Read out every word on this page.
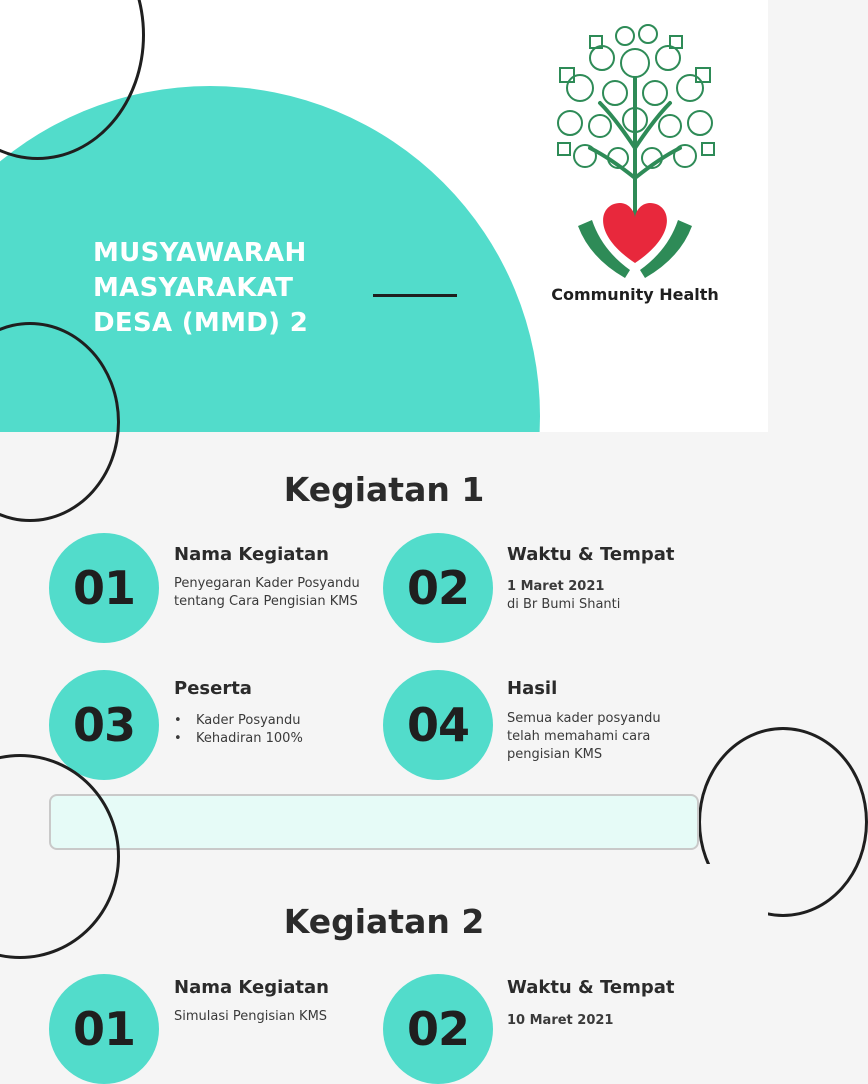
MUSYAWARAH
MASYARAKAT
DESA (MMD) 2
Community Health
Kegiatan 1
01
Nama Kegiatan
Penyegaran Kader Posyandu tentang Cara Pengisian KMS	02
Waktu & Tempat
1 Maret 2021
di Br Bumi Shanti
03
Peserta
• Kader Posyandu
• Kehadiran 100%	04
Hasil
Semua kader posyandu telah memahami cara pengisian KMS
Kegiatan 2
01
Nama Kegiatan
Simulasi Pengisian KMS	02
Waktu & Tempat
10 Maret 2021
